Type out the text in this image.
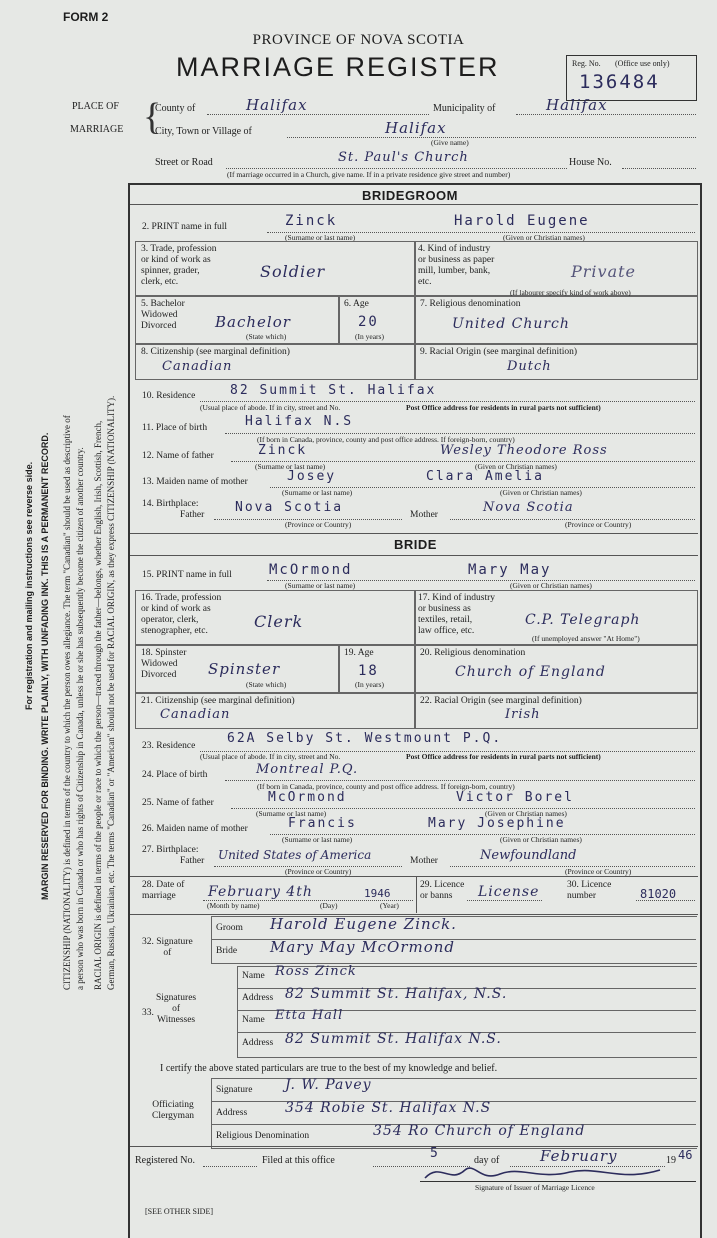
FORM 2
PROVINCE OF NOVA SCOTIA
MARRIAGE REGISTER	Reg. No. (Office use only)
136484
PLACE OF
MARRIAGE {
County of	Halifax	Municipality of	Halifax
City, Town or Village of	Halifax
(Give name)
Street or Road	St. Paul's Church	House No.
(If marriage occurred in a Church, give name. If in a private residence give street and number)
MARGIN RESERVED FOR BINDING. WRITE PLAINLY, WITH UNFADING INK. THIS IS A PERMANENT RECORD.
For registration and mailing instructions see reverse side.	CITIZENSHIP (NATIONALITY) is defined in terms of the country to which the person owes allegiance. The term "Canadian" should be used as descriptive of a person who was born in Canada or who has rights of Citizenship in Canada, unless he or she has subsequently become the citizen of another country. RACIAL ORIGIN is defined in terms of the people or race to which the person—traced through the father—belongs, whether English, Irish, Scottish, French, German, Russian, Ukrainian, etc. The terms "Canadian" or "American" should not be used for RACIAL ORIGIN, as they express CITIZENSHIP (NATIONALITY).
BRIDEGROOM
2. PRINT name in full	Zinck	Harold Eugene
(Surname or last name)	(Given or Christian names)
3. Trade, profession
or kind of work as
spinner, grader,
clerk, etc.
Soldier
4. Kind of industry
or business as paper
mill, lumber, bank,
etc.
Private
(If labourer specify kind of work above)
5. Bachelor
Widowed
Divorced	Bachelor
(State which)
6. Age
20
(In years)
7. Religious denomination
United Church
8. Citizenship (see marginal definition)
Canadian
9. Racial Origin (see marginal definition)
Dutch
10. Residence	82 Summit St. Halifax
(Usual place of abode. If in city, street and No.	Post Office address for residents in rural parts not sufficient)
11. Place of birth	Halifax N.S
(If born in Canada, province, county and post office address. If foreign-born, country)
12. Name of father	Zinck	Wesley Theodore Ross
(Surname or last name)	(Given or Christian names)
13. Maiden name of mother	Josey	Clara Amelia
(Surname or last name)	(Given or Christian names)
14. Birthplace:
Father Nova Scotia
(Province or Country)
Mother	Nova Scotia
(Province or Country)
BRIDE
15. PRINT name in full	McOrmond	Mary May
(Surname or last name)	(Given or Christian names)
16. Trade, profession
or kind of work as
operator, clerk,
stenographer, etc.	Clerk
17. Kind of industry
or business as
textiles, retail,
law office, etc.
C.P. Telegraph
(If unemployed answer "At Home")
18. Spinster
Widowed
Divorced	Spinster
(State which)
19. Age
18
(In years)
20. Religious denomination
Church of England
21. Citizenship (see marginal definition)
Canadian
22. Racial Origin (see marginal definition)
Irish
23. Residence 62A Selby St. Westmount P.Q.
(Usual place of abode. If in city, street and No.	Post Office address for residents in rural parts not sufficient)
24. Place of birth	Montreal P.Q.
(If born in Canada, province, county and post office address. If foreign-born, country)
25. Name of father	McOrmond	Victor Borel
(Surname or last name)	(Given or Christian names)
26. Maiden name of mother	Francis	Mary Josephine
(Surname or last name)	(Given or Christian names)
27. Birthplace:
Father United States of America
(Province or Country)
Mother	Newfoundland
(Province or Country)
28. Date of
marriage	February 4th	1946
(Month by name)	(Day)	(Year)
29. Licence
or banns	License	30. Licence
number	81020
32. Signature
of
Groom Harold Eugene Zinck.
Bride Mary May McOrmond
33.
Signatures
of
Witnesses
Name Ross Zinck
Address 82 Summit St. Halifax, N.S.
Name Etta Hall
Address 82 Summit St. Halifax N.S.
I certify the above stated particulars are true to the best of my knowledge and belief.
Officiating
Clergyman
Signature J. W. Pavey
Address	354 Robie St. Halifax N.S
Religious Denomination	354 Ro Church of England
Registered No.	Filed at this office	5	day of	February	19 46
Signature of Issuer of Marriage Licence
[SEE OTHER SIDE]
